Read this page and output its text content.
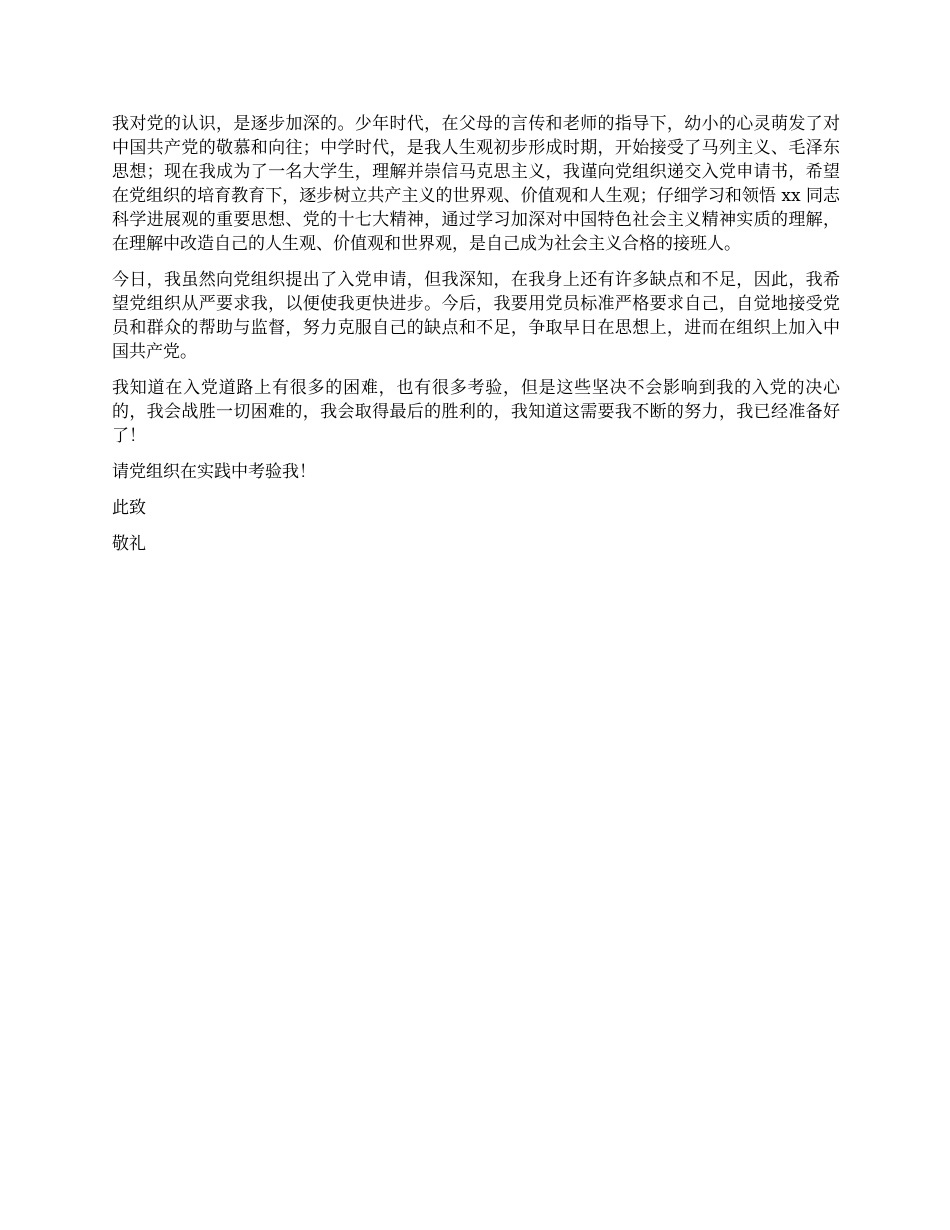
我对党的认识，是逐步加深的。少年时代，在父母的言传和老师的指导下，幼小的心灵萌发了对中国共产党的敬慕和向往；中学时代，是我人生观初步形成时期，开始接受了马列主义、毛泽东思想；现在我成为了一名大学生，理解并崇信马克思主义，我谨向党组织递交入党申请书，希望在党组织的培育教育下，逐步树立共产主义的世界观、价值观和人生观；仔细学习和领悟 xx 同志科学进展观的重要思想、党的十七大精神，通过学习加深对中国特色社会主义精神实质的理解，在理解中改造自己的人生观、价值观和世界观，是自己成为社会主义合格的接班人。

今日，我虽然向党组织提出了入党申请，但我深知，在我身上还有许多缺点和不足，因此，我希望党组织从严要求我，以便使我更快进步。今后，我要用党员标准严格要求自己，自觉地接受党员和群众的帮助与监督，努力克服自己的缺点和不足，争取早日在思想上，进而在组织上加入中国共产党。

我知道在入党道路上有很多的困难，也有很多考验，但是这些坚决不会影响到我的入党的决心的，我会战胜一切困难的，我会取得最后的胜利的，我知道这需要我不断的努力，我已经准备好了！

请党组织在实践中考验我！

此致

敬礼
